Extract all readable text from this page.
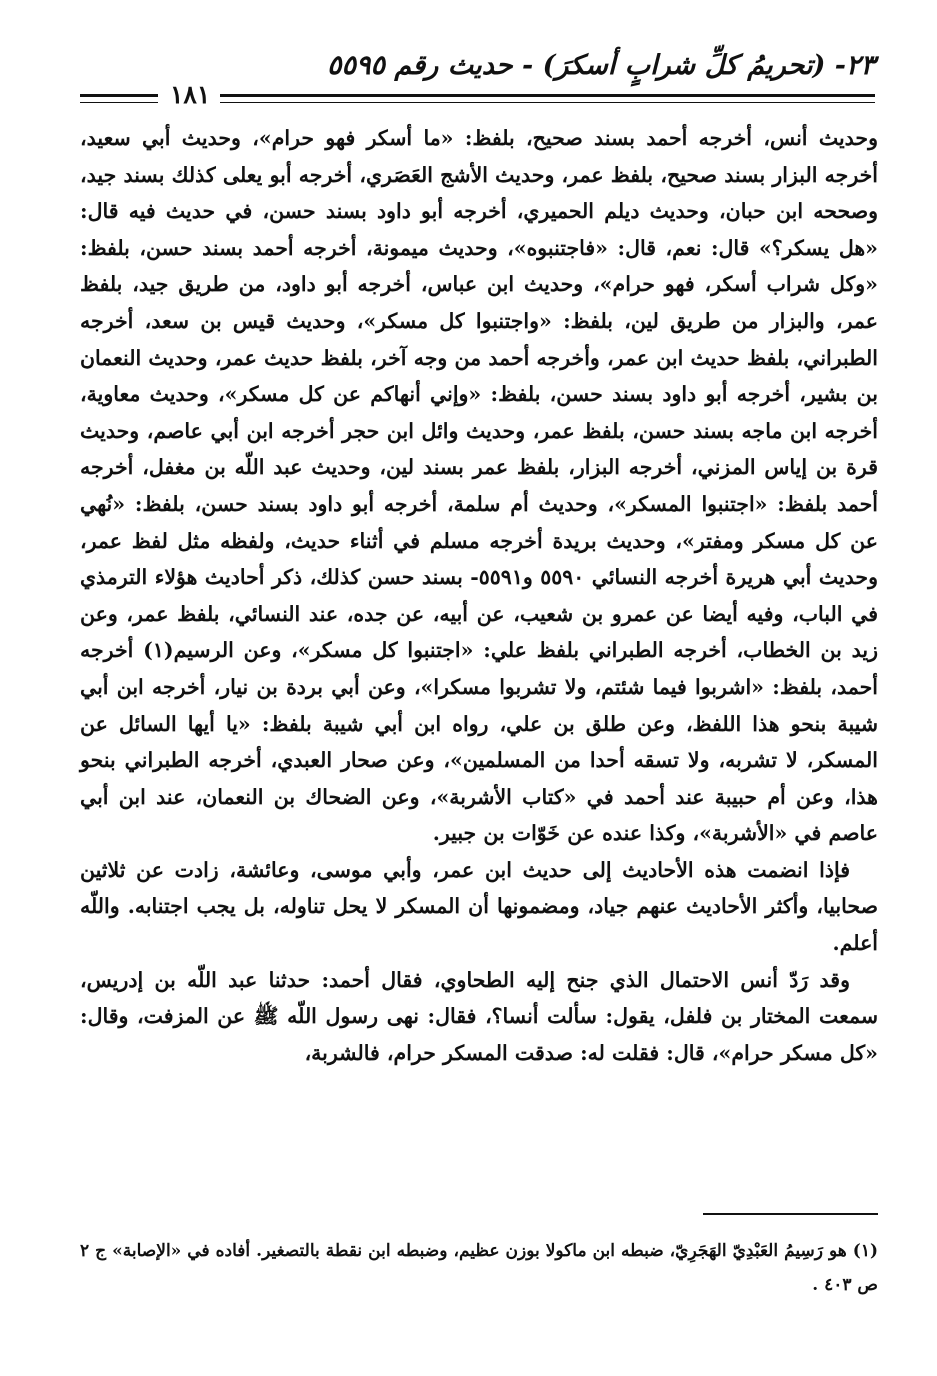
٢٣- (تحريمُ كلِّ شرابٍ أسكرَ) - حديث رقم ٥٥٩٥
١٨١

وحديث أنس، أخرجه أحمد بسند صحيح، بلفظ: «ما أسكر فهو حرام»، وحديث أبي سعيد، أخرجه البزار بسند صحيح، بلفظ عمر، وحديث الأشج العَصَري، أخرجه أبو يعلى كذلك بسند جيد، وصححه ابن حبان، وحديث ديلم الحميري، أخرجه أبو داود بسند حسن، في حديث فيه قال: «هل يسكر؟» قال: نعم، قال: «فاجتنبوه»، وحديث ميمونة، أخرجه أحمد بسند حسن، بلفظ: «وكل شراب أسكر، فهو حرام»، وحديث ابن عباس، أخرجه أبو داود، من طريق جيد، بلفظ عمر، والبزار من طريق لين، بلفظ: «واجتنبوا كل مسكر»، وحديث قيس بن سعد، أخرجه الطبراني، بلفظ حديث ابن عمر، وأخرجه أحمد من وجه آخر، بلفظ حديث عمر، وحديث النعمان بن بشير، أخرجه أبو داود بسند حسن، بلفظ: «وإني أنهاكم عن كل مسكر»، وحديث معاوية، أخرجه ابن ماجه بسند حسن، بلفظ عمر، وحديث وائل ابن حجر أخرجه ابن أبي عاصم، وحديث قرة بن إياس المزني، أخرجه البزار، بلفظ عمر بسند لين، وحديث عبد اللّه بن مغفل، أخرجه أحمد بلفظ: «اجتنبوا المسكر»، وحديث أم سلمة، أخرجه أبو داود بسند حسن، بلفظ: «نُهي عن كل مسكر ومفتر»، وحديث بريدة أخرجه مسلم في أثناء حديث، ولفظه مثل لفظ عمر، وحديث أبي هريرة أخرجه النسائي ٥٥٩٠ و٥٥٩١- بسند حسن كذلك، ذكر أحاديث هؤلاء الترمذي في الباب، وفيه أيضا عن عمرو بن شعيب، عن أبيه، عن جده، عند النسائي، بلفظ عمر، وعن زيد بن الخطاب، أخرجه الطبراني بلفظ علي: «اجتنبوا كل مسكر»، وعن الرسيم(١) أخرجه أحمد، بلفظ: «اشربوا فيما شئتم، ولا تشربوا مسكرا»، وعن أبي بردة بن نيار، أخرجه ابن أبي شيبة بنحو هذا اللفظ، وعن طلق بن علي، رواه ابن أبي شيبة بلفظ: «يا أيها السائل عن المسكر، لا تشربه، ولا تسقه أحدا من المسلمين»، وعن صحار العبدي، أخرجه الطبراني بنحو هذا، وعن أم حبيبة عند أحمد في «كتاب الأشربة»، وعن الضحاك بن النعمان، عند ابن أبي عاصم في «الأشربة»، وكذا عنده عن خَوّات بن جبير.

فإذا انضمت هذه الأحاديث إلى حديث ابن عمر، وأبي موسى، وعائشة، زادت عن ثلاثين صحابيا، وأكثر الأحاديث عنهم جياد، ومضمونها أن المسكر لا يحل تناوله، بل يجب اجتنابه. واللّه أعلم.

وقد رَدّ أنس الاحتمال الذي جنح إليه الطحاوي، فقال أحمد: حدثنا عبد اللّه بن إدريس، سمعت المختار بن فلفل، يقول: سألت أنسا؟، فقال: نهى رسول اللّه ﷺ عن المزفت، وقال: «كل مسكر حرام»، قال: فقلت له: صدقت المسكر حرام، فالشربة،

(١) هو رَسِيمُ العَبْدِيّ الهَجَرِيّ، ضبطه ابن ماكولا بوزن عظيم، وضبطه ابن نقطة بالتصغير. أفاده في «الإصابة» ج ٢ ص ٤٠٣ .
